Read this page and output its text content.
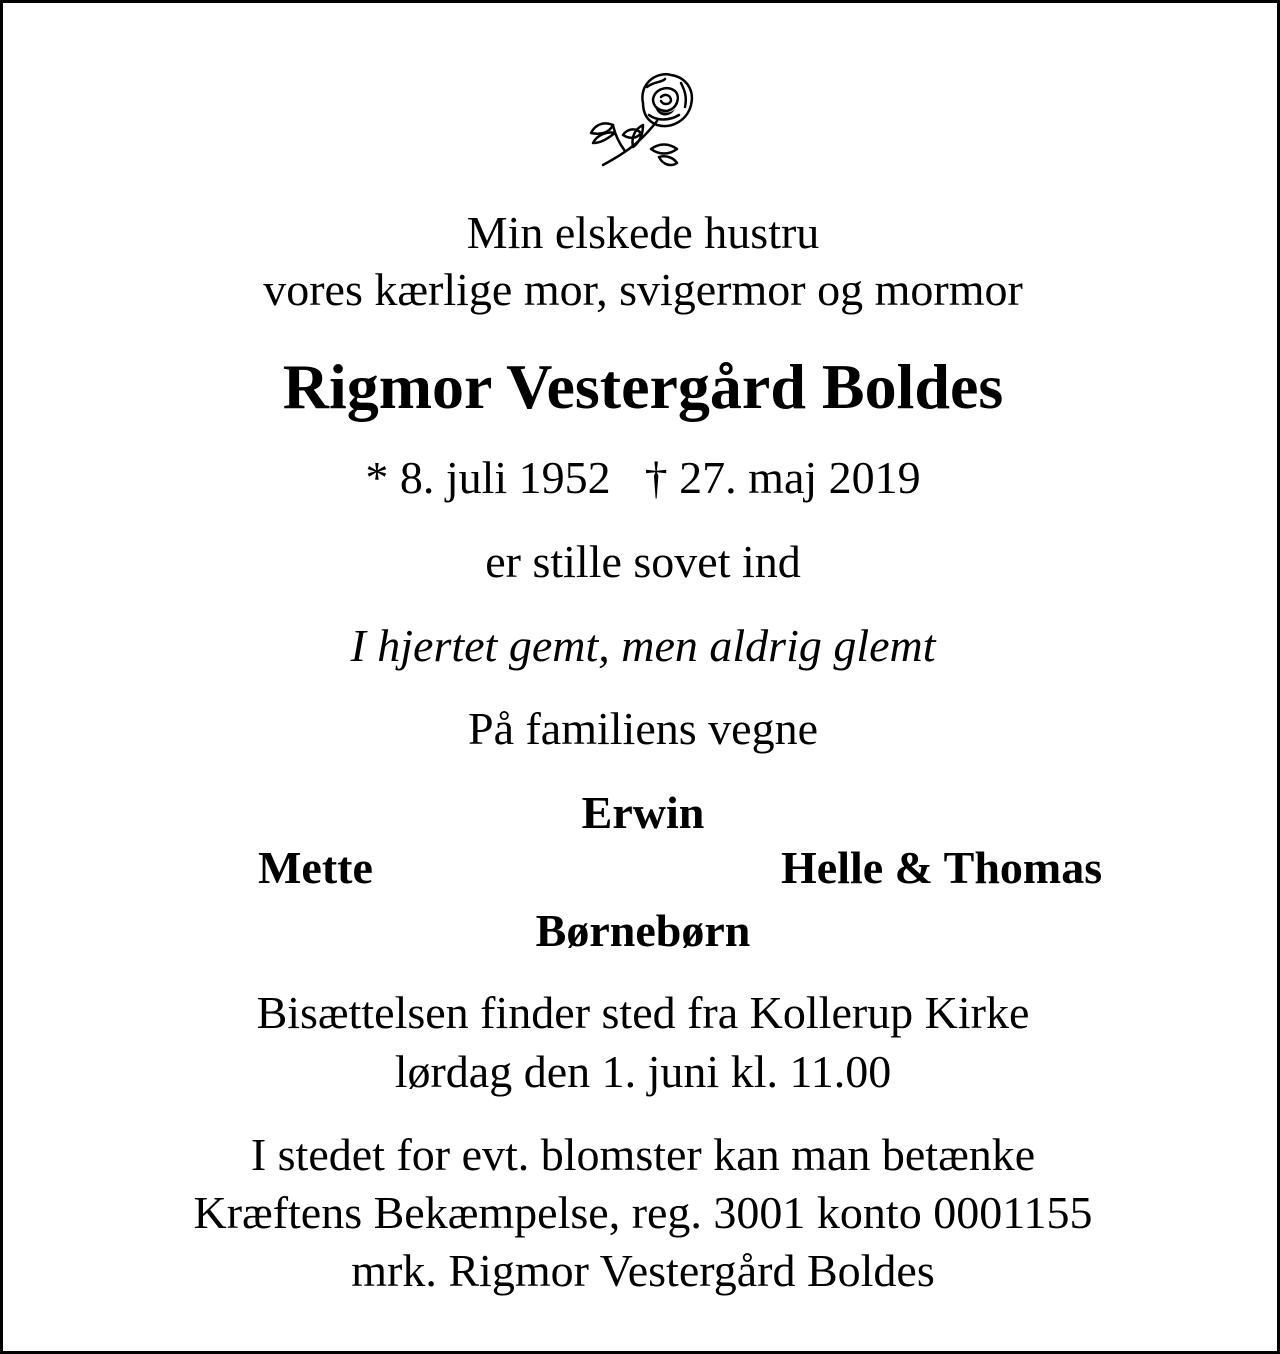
Min elskede hustru
vores kærlige mor, svigermor og mormor
Rigmor Vestergård Boldes
* 8. juli 1952 † 27. maj 2019
er stille sovet ind
I hjertet gemt, men aldrig glemt
På familiens vegne
Erwin
Mette	Helle & Thomas
Børnebørn
Bisættelsen finder sted fra Kollerup Kirke
lørdag den 1. juni kl. 11.00
I stedet for evt. blomster kan man betænke
Kræftens Bekæmpelse, reg. 3001 konto 0001155
mrk. Rigmor Vestergård Boldes
